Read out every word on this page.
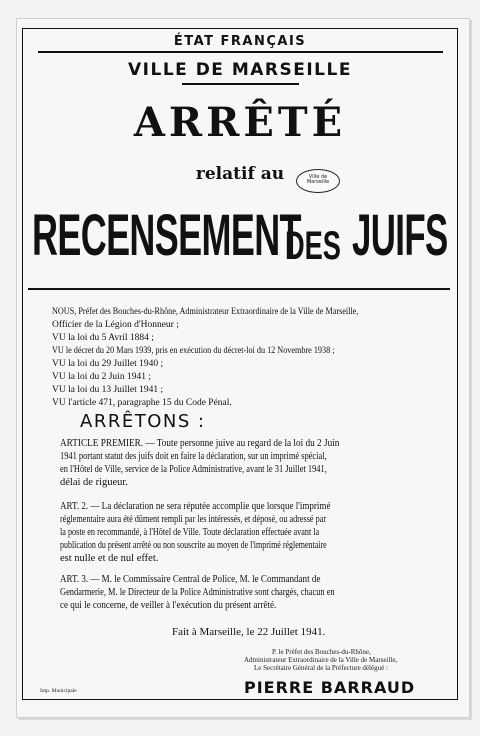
ÉTAT FRANÇAIS
VILLE DE MARSEILLE
ARRÊTÉ
relatif au	Ville de Marseille
RECENSEMENT
DES JUIFS
NOUS, Préfet des Bouches-du-Rhône, Administrateur Extraordinaire de la Ville de Marseille,
Officier de la Légion d'Honneur ;
VU la loi du 5 Avril 1884 ;
VU le décret du 20 Mars 1939, pris en exécution du décret-loi du 12 Novembre 1938 ;
VU la loi du 29 Juillet 1940 ;
VU la loi du 2 Juin 1941 ;
VU la loi du 13 Juillet 1941 ;
VU l'article 471, paragraphe 15 du Code Pénal.
ARRÊTONS :
ARTICLE PREMIER. — Toute personne juive au regard de la loi du 2 Juin
1941 portant statut des juifs doit en faire la déclaration, sur un imprimé spécial,
en l'Hôtel de Ville, service de la Police Administrative, avant le 31 Juillet 1941,
délai de rigueur.
ART. 2. — La déclaration ne sera réputée accomplie que lorsque l'imprimé
réglementaire aura été dûment rempli par les intéressés, et déposé, ou adressé par
la poste en recommandé, à l'Hôtel de Ville. Toute déclaration effectuée avant la
publication du présent arrêté ou non souscrite au moyen de l'imprimé réglementaire
est nulle et de nul effet.
ART. 3. — M. le Commissaire Central de Police, M. le Commandant de
Gendarmerie, M. le Directeur de la Police Administrative sont chargés, chacun en
ce qui le concerne, de veiller à l'exécution du présent arrêté.
Fait à Marseille, le 22 Juillet 1941.
P. le Préfet des Bouches-du-Rhône,
Administrateur Extraordinaire de la Ville de Marseille,
Le Secrétaire Général de la Préfecture délégué :
PIERRE BARRAUD
Imp. Municipale
